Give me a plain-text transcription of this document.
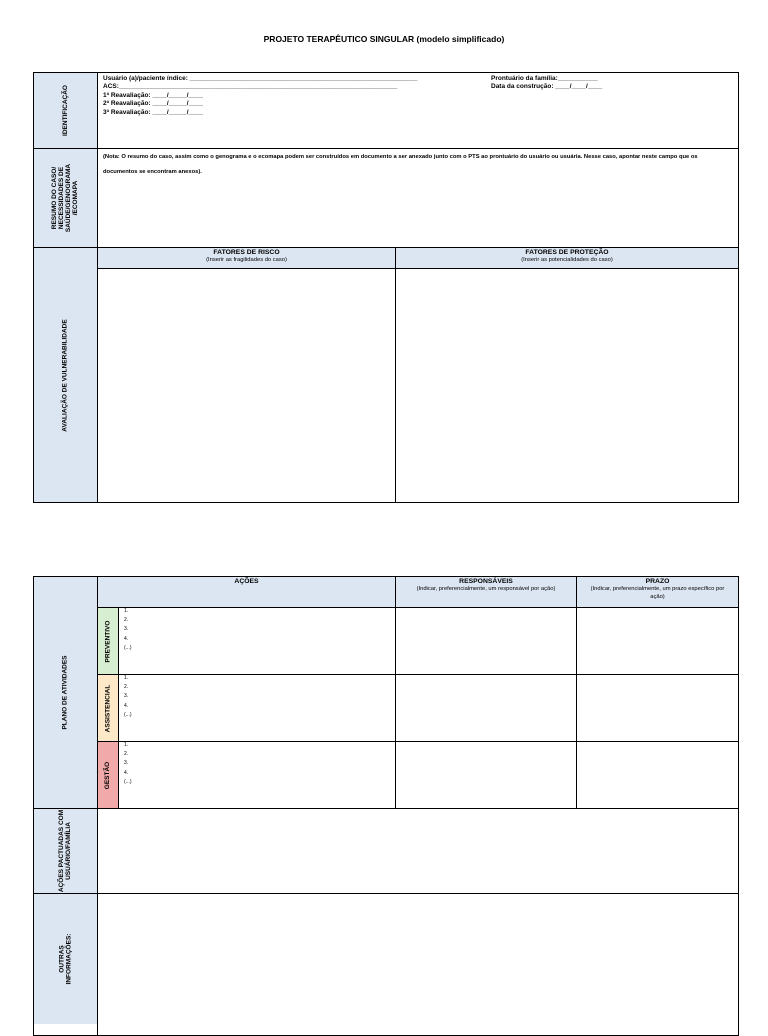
PROJETO TERAPÊUTICO SINGULAR (modelo simplificado)
IDENTIFICAÇÃO
RESUMO DO CASO/ NECESSIDADES DE SAÚDE/GENOGRAMA /ECOMAPA
AVALIAÇÃO DE VULNERABILIDADE
Usuário (a)/paciente índice: _______________________________________________________________
ACS:_____________________________________________________________________________
1ª Reavaliação: ____/_____/____
2ª Reavaliação: ____/_____/____
3ª Reavaliação: ____/_____/____
Prontuário da família:___________
Data da construção: ____/____/____
(Nota: O resumo do caso, assim como o genograma e o ecomapa podem ser construídos em documento a ser anexado junto com o PTS ao prontuário do usuário ou usuária. Nesse caso, apontar neste campo que os documentos se encontram anexos).
FATORES DE RISCO
(Inserir as fragilidades do caso)
FATORES DE PROTEÇÃO
(Inserir as potencialidades do caso)
PLANO DE ATIVIDADES
AÇÕES PACTUADAS COM USUÁRIO/FAMÍLIA
OUTRAS INFORMAÇÕES:
AÇÕES	RESPONSÁVEIS
(Indicar, preferencialmente, um responsável por ação)
PRAZO
(Indicar, preferencialmente, um prazo específico por ação)
PREVENTIVO
ASSISTENCIAL
GESTÃO
1.
2.
3.
4.
(...)
1.
2.
3.
4.
(...)
1.
2.
3.
4.
(...)
